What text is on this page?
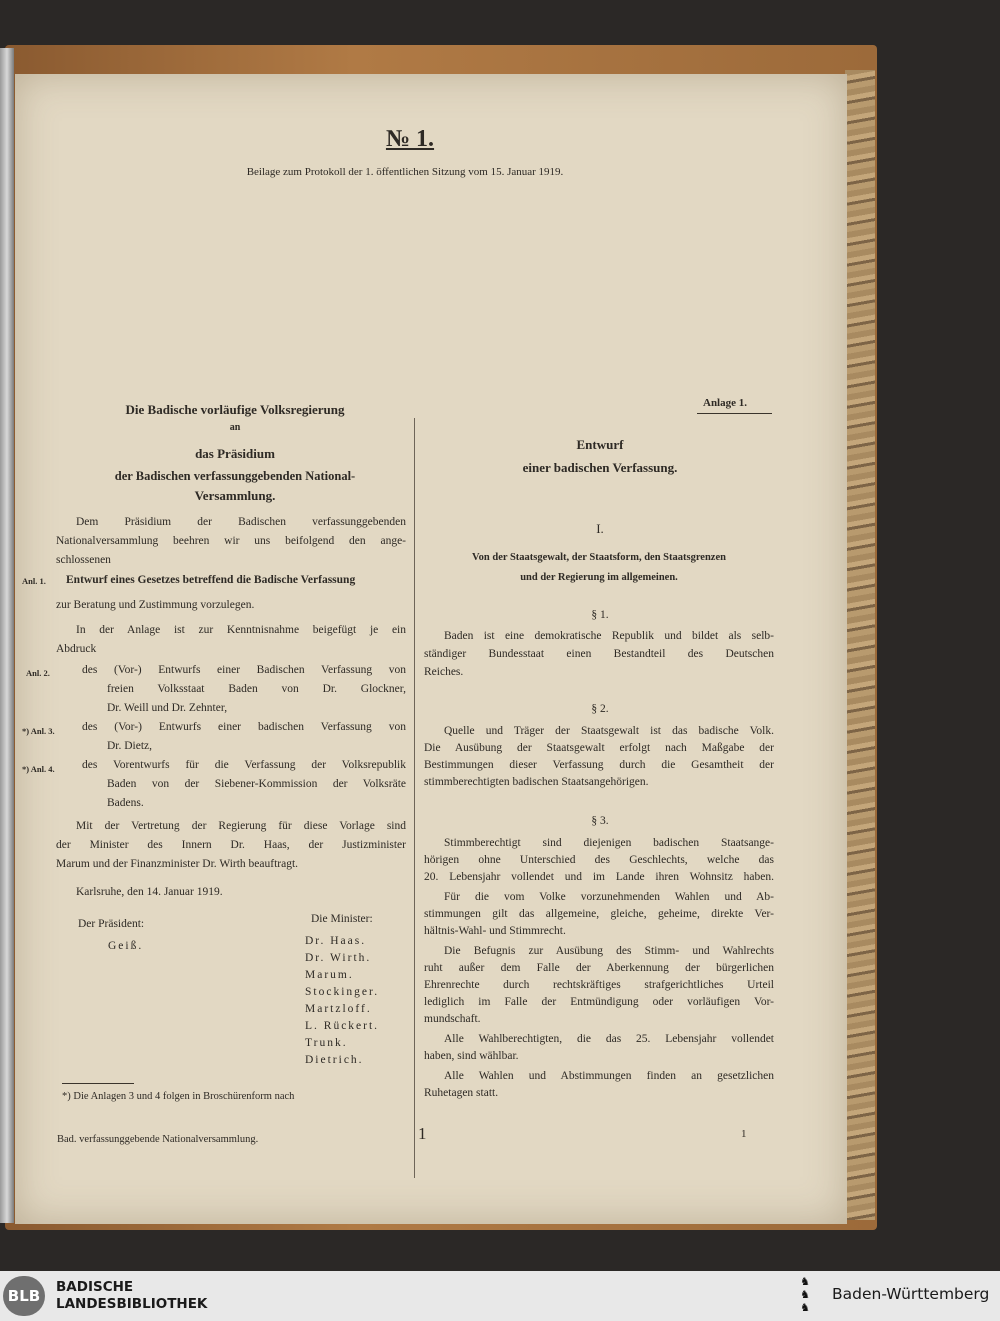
№ 1.
Beilage zum Protokoll der 1. öffentlichen Sitzung vom 15. Januar 1919.
Die Badische vorläufige Volksregierung
an
das Präsidium
der Badischen verfassunggebenden National-
Versammlung.
Dem Präsidium der Badischen verfassunggebenden
Nationalversammlung beehren wir uns beifolgend den ange-
schlossenen
Anl. 1. Entwurf eines Gesetzes betreffend die Badische Verfassung
zur Beratung und Zustimmung vorzulegen.
In der Anlage ist zur Kenntnisnahme beigefügt je ein
Abdruck
Anl. 2.	des (Vor-) Entwurfs einer Badischen Verfassung von
freien Volksstaat Baden von Dr. Glockner,
Dr. Weill und Dr. Zehnter,
*) Anl. 3. des (Vor-) Entwurfs einer badischen Verfassung von
Dr. Dietz,
*) Anl. 4. des Vorentwurfs für die Verfassung der Volksrepublik
Baden von der Siebener-Kommission der Volksräte
Badens.
Mit der Vertretung der Regierung für diese Vorlage sind
der Minister des Innern Dr. Haas, der Justizminister
Marum und der Finanzminister Dr. Wirth beauftragt.
Karlsruhe, den 14. Januar 1919.
Der Präsident:
Geiß.
Die Minister:
Dr. Haas.
Dr. Wirth.
Marum.
Stockinger.
Martzloff.
L. Rückert.
Trunk.
Dietrich.
*) Die Anlagen 3 und 4 folgen in Broschürenform nach
Bad. verfassunggebende Nationalversammlung.	1
Anlage 1.
Entwurf
einer badischen Verfassung.
I.
Von der Staatsgewalt, der Staatsform, den Staatsgrenzen
und der Regierung im allgemeinen.
§ 1.
Baden ist eine demokratische Republik und bildet als selb-
ständiger Bundesstaat einen Bestandteil des Deutschen
Reiches.
§ 2.
Quelle und Träger der Staatsgewalt ist das badische Volk.
Die Ausübung der Staatsgewalt erfolgt nach Maßgabe der
Bestimmungen dieser Verfassung durch die Gesamtheit der
stimmberechtigten badischen Staatsangehörigen.
§ 3.
Stimmberechtigt sind diejenigen badischen Staatsange-
hörigen ohne Unterschied des Geschlechts, welche das
20. Lebensjahr vollendet und im Lande ihren Wohnsitz haben.
Für die vom Volke vorzunehmenden Wahlen und Ab-
stimmungen gilt das allgemeine, gleiche, geheime, direkte Ver-
hältnis-Wahl- und Stimmrecht.
Die Befugnis zur Ausübung des Stimm- und Wahlrechts
ruht außer dem Falle der Aberkennung der bürgerlichen
Ehrenrechte durch rechtskräftiges strafgerichtliches Urteil
lediglich im Falle der Entmündigung oder vorläufigen Vor-
mundschaft.
Alle Wahlberechtigten, die das 25. Lebensjahr vollendet
haben, sind wählbar.
Alle Wahlen und Abstimmungen finden an gesetzlichen
Ruhetagen statt.
1
BLB	BADISCHE
LANDESBIBLIOTHEK
♞
♞
♞
Baden-Württemberg
